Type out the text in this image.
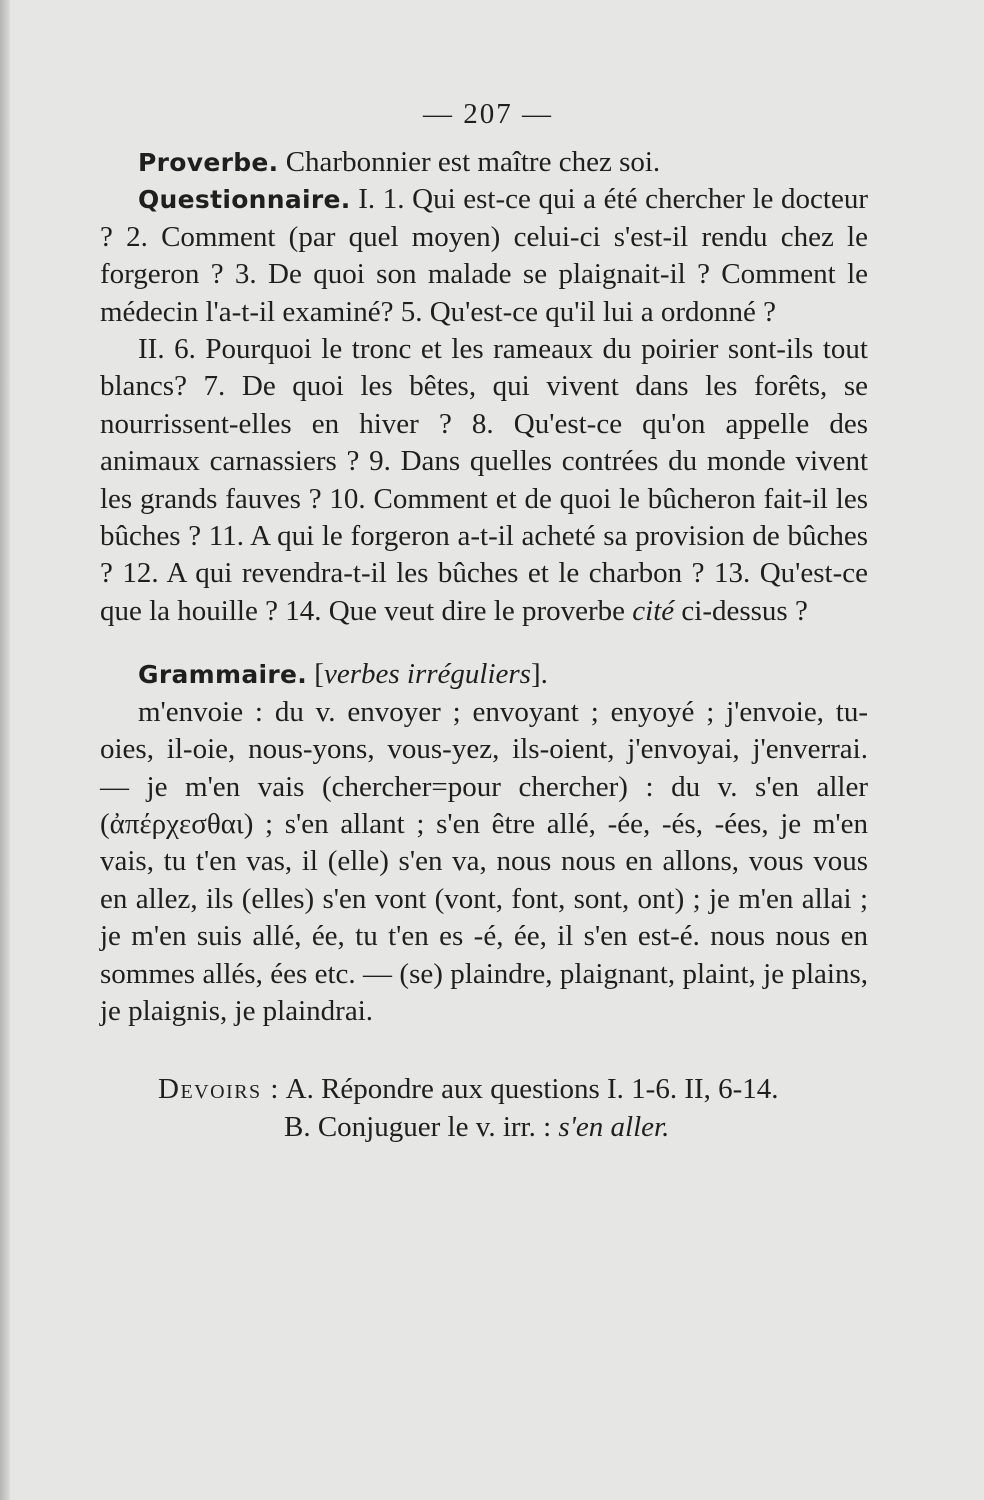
— 207 —

Proverbe. Charbonnier est maître chez soi.

Questionnaire. I. 1. Qui est-ce qui a été chercher le docteur ? 2. Comment (par quel moyen) celui-ci s'est-il rendu chez le forgeron ? 3. De quoi son malade se plaignait-il ? Comment le médecin l'a-t-il examiné? 5. Qu'est-ce qu'il lui a ordonné ?

II. 6. Pourquoi le tronc et les rameaux du poirier sont-ils tout blancs? 7. De quoi les bêtes, qui vivent dans les forêts, se nourrissent-elles en hiver ? 8. Qu'est-ce qu'on appelle des animaux carnassiers ? 9. Dans quelles contrées du monde vivent les grands fauves ? 10. Comment et de quoi le bûcheron fait-il les bûches ? 11. A qui le forgeron a-t-il acheté sa provision de bûches ? 12. A qui revendra-t-il les bûches et le charbon ? 13. Qu'est-ce que la houille ? 14. Que veut dire le proverbe cité ci-dessus ?

Grammaire. [verbes irréguliers].

m'envoie : du v. envoyer ; envoyant ; enyoyé ; j'envoie, tu-oies, il-oie, nous-yons, vous-yez, ils-oient, j'envoyai, j'enverrai. — je m'en vais (chercher=pour chercher) : du v. s'en aller (ἀπέρχεσθαι) ; s'en allant ; s'en être allé, -ée, -és, -ées, je m'en vais, tu t'en vas, il (elle) s'en va, nous nous en allons, vous vous en allez, ils (elles) s'en vont (vont, font, sont, ont) ; je m'en allai ; je m'en suis allé, ée, tu t'en es -é, ée, il s'en est-é. nous nous en sommes allés, ées etc. — (se) plaindre, plaignant, plaint, je plains, je plaignis, je plaindrai.

Devoirs : A. Répondre aux questions I. 1-6. II, 6-14.
B. Conjuguer le v. irr. : s'en aller.
